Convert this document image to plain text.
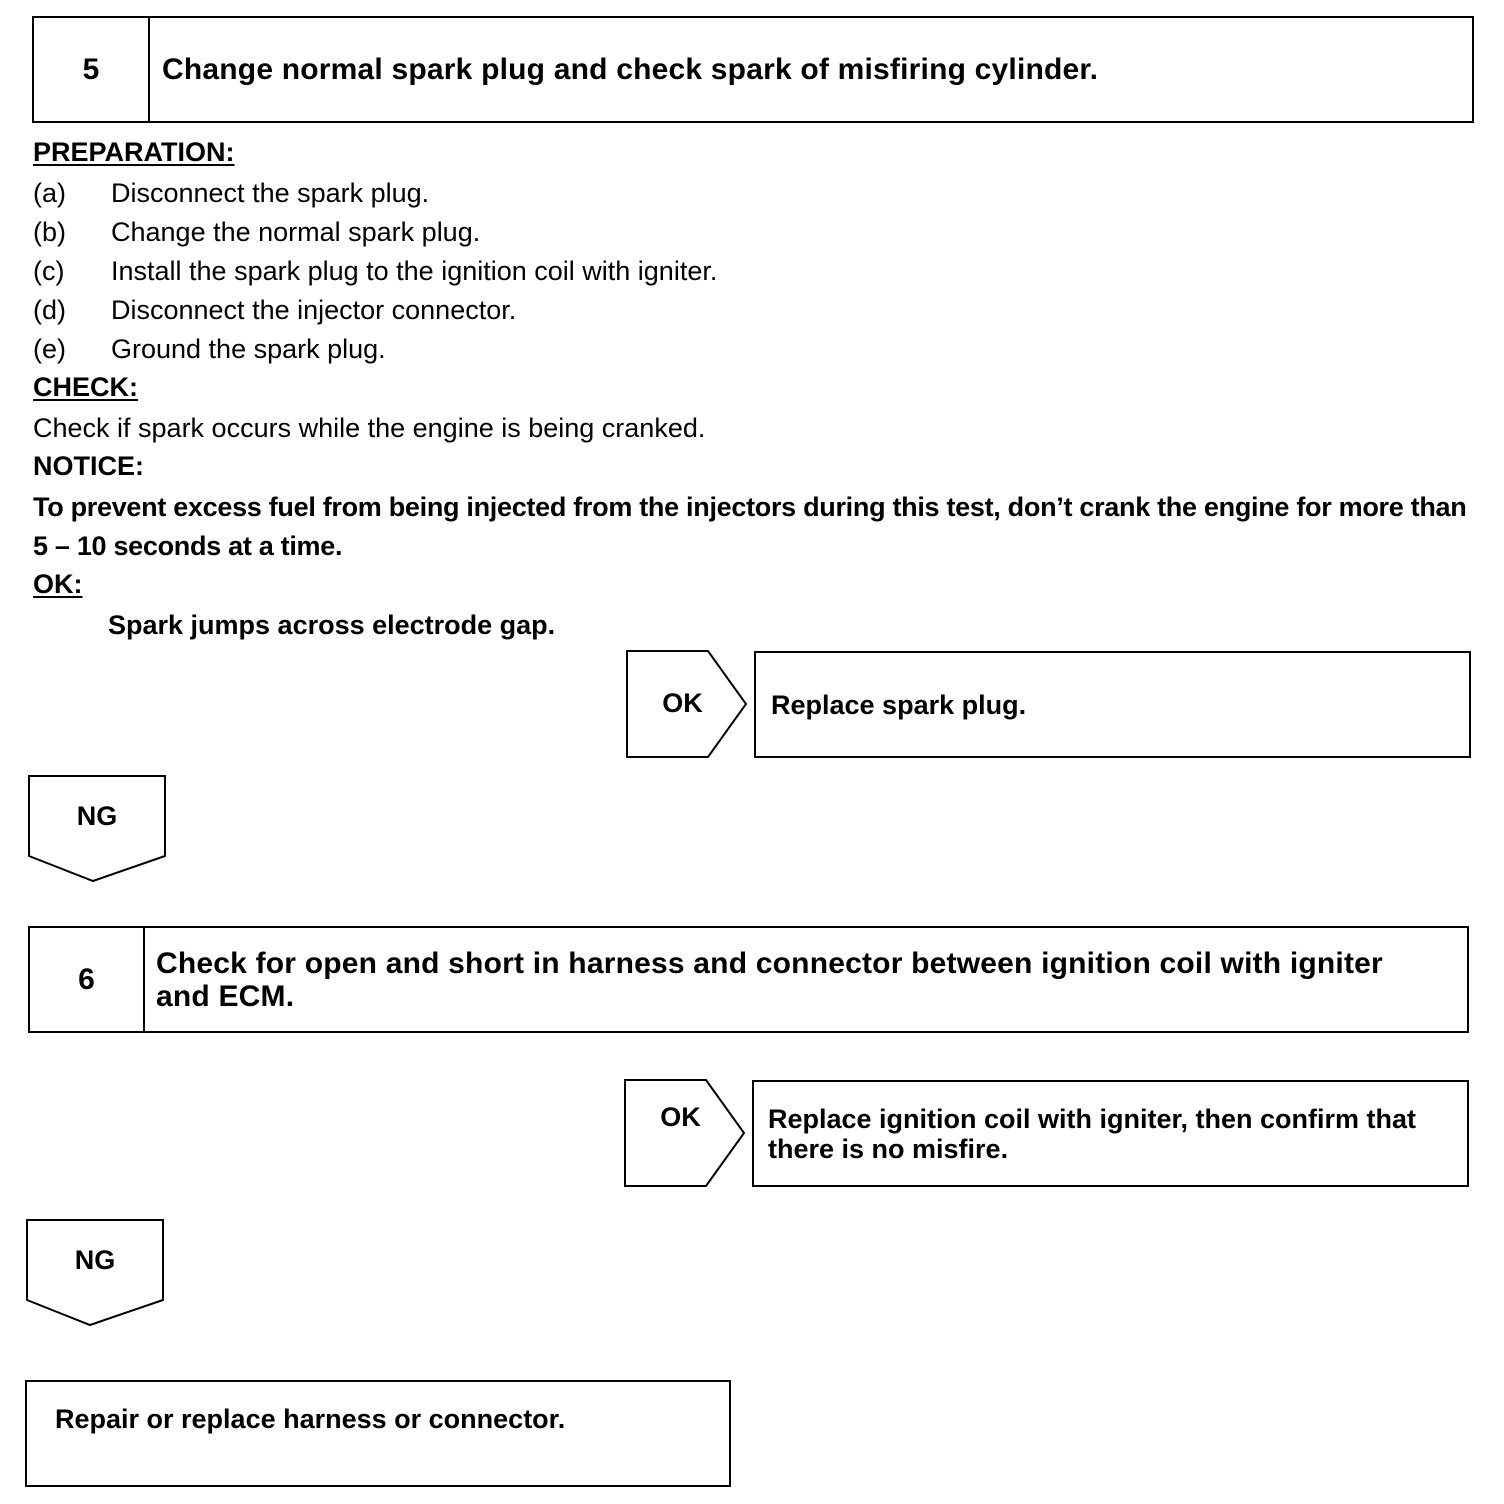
5	Change normal spark plug and check spark of misfiring cylinder.
PREPARATION:
(a) Disconnect the spark plug.
(b) Change the normal spark plug.
(c) Install the spark plug to the ignition coil with igniter.
(d) Disconnect the injector connector.
(e) Ground the spark plug.
CHECK:
Check if spark occurs while the engine is being cranked.
NOTICE:
To prevent excess fuel from being injected from the injectors during this test, don’t crank the engine for more than 5 – 10 seconds at a time.
OK:
Spark jumps across electrode gap.
OK	Replace spark plug.
NG
6	Check for open and short in harness and connector between ignition coil with igniter and ECM.
OK	Replace ignition coil with igniter, then confirm that there is no misfire.
NG
Repair or replace harness or connector.
